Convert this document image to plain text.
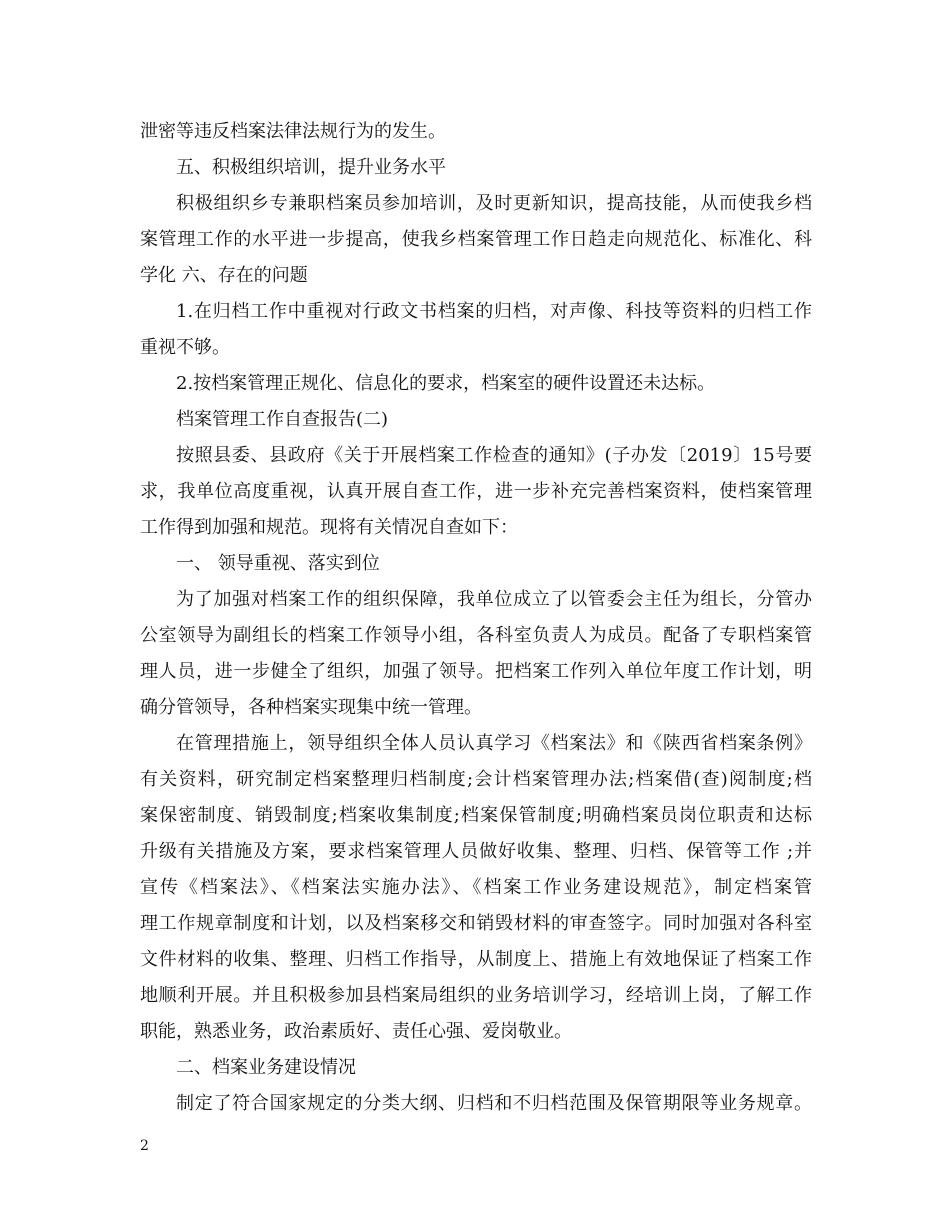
泄密等违反档案法律法规行为的发生。
五、积极组织培训，提升业务水平
积极组织乡专兼职档案员参加培训，及时更新知识，提高技能，从而使我乡档
案管理工作的水平进一步提高，使我乡档案管理工作日趋走向规范化、标准化、科
学化 六、存在的问题
1.在归档工作中重视对行政文书档案的归档，对声像、科技等资料的归档工作
重视不够。
2.按档案管理正规化、信息化的要求，档案室的硬件设置还未达标。
档案管理工作自查报告(二)
按照县委、县政府《关于开展档案工作检查的通知》(子办发〔2019〕15号要
求，我单位高度重视，认真开展自查工作，进一步补充完善档案资料，使档案管理
工作得到加强和规范。现将有关情况自查如下：
一、 领导重视、落实到位
为了加强对档案工作的组织保障，我单位成立了以管委会主任为组长，分管办
公室领导为副组长的档案工作领导小组，各科室负责人为成员。配备了专职档案管
理人员，进一步健全了组织，加强了领导。把档案工作列入单位年度工作计划，明
确分管领导，各种档案实现集中统一管理。
在管理措施上，领导组织全体人员认真学习《档案法》和《陕西省档案条例》
有关资料，研究制定档案整理归档制度;会计档案管理办法;档案借(查)阅制度;档
案保密制度、销毁制度;档案收集制度;档案保管制度;明确档案员岗位职责和达标
升级有关措施及方案，要求档案管理人员做好收集、整理、归档、保管等工作 ;并
宣传《档案法》、《档案法实施办法》、《档案工作业务建设规范》，制定档案管
理工作规章制度和计划，以及档案移交和销毁材料的审查签字。同时加强对各科室
文件材料的收集、整理、归档工作指导，从制度上、措施上有效地保证了档案工作
地顺利开展。并且积极参加县档案局组织的业务培训学习，经培训上岗，了解工作
职能，熟悉业务，政治素质好、责任心强、爱岗敬业。
二、档案业务建设情况
制定了符合国家规定的分类大纲、归档和不归档范围及保管期限等业务规章。
2
